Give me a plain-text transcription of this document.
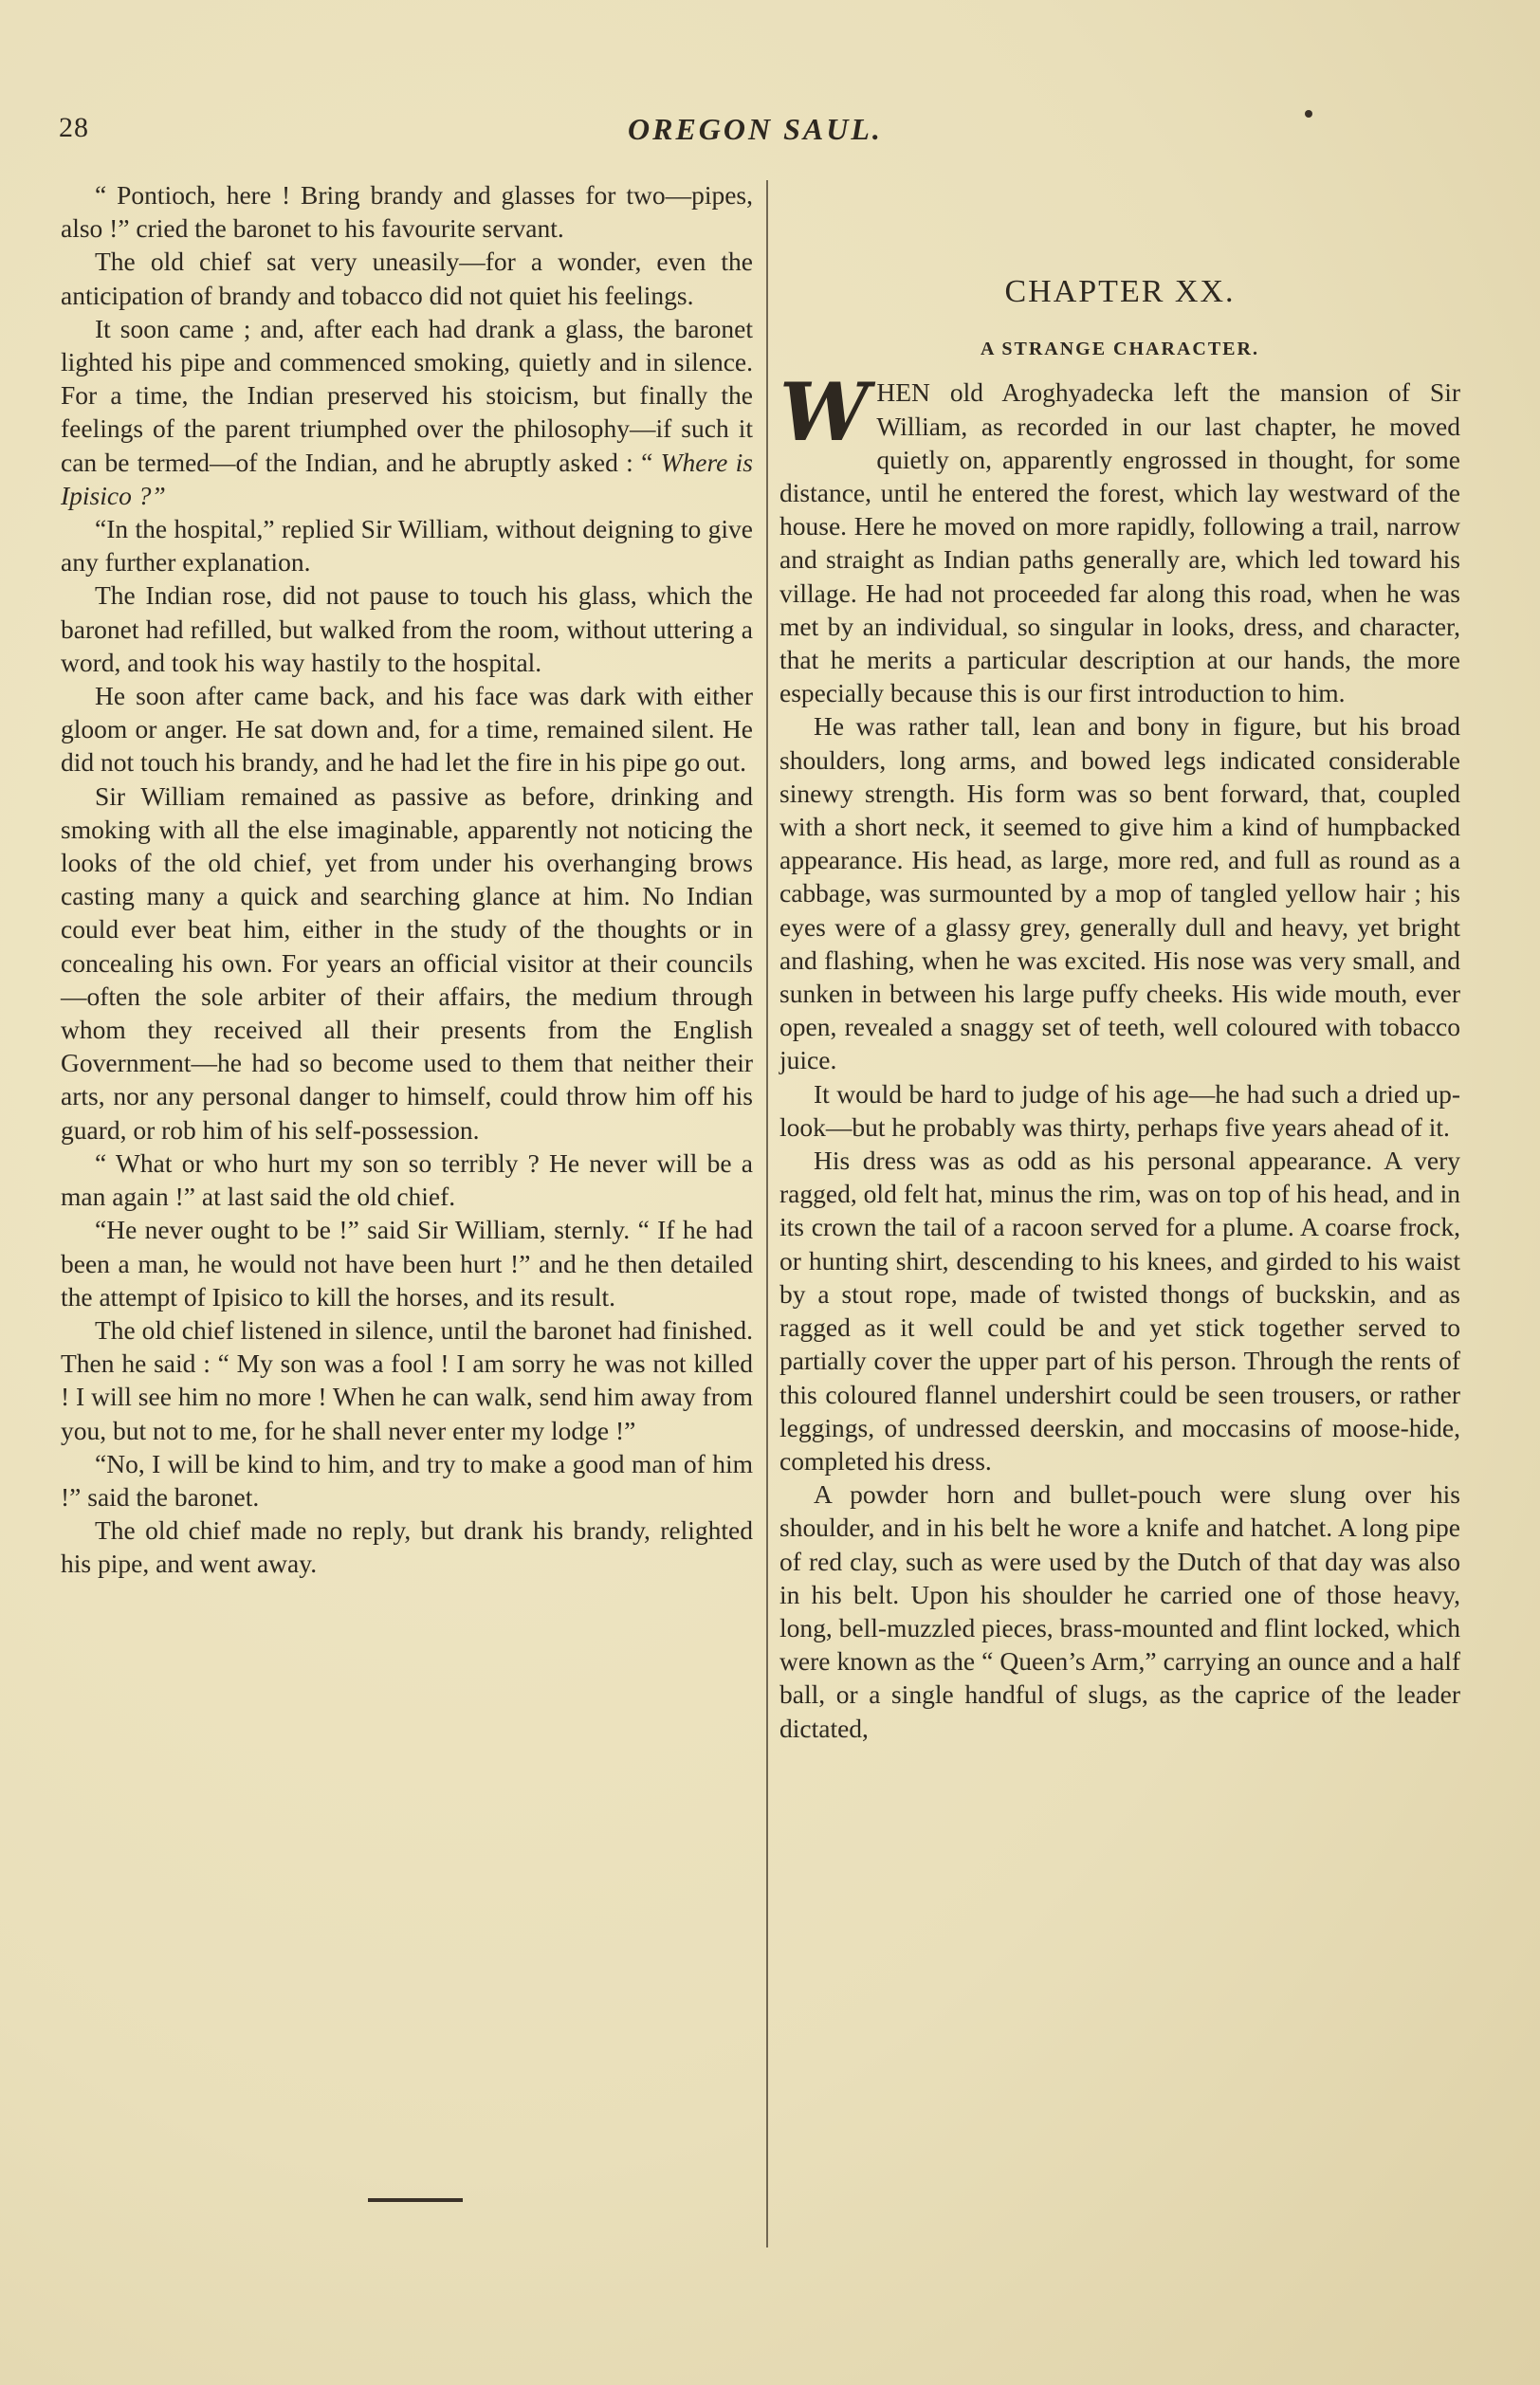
28	OREGON SAUL.

“ Pontioch, here ! Bring brandy and glasses for two—pipes, also !” cried the baronet to his favourite servant.

The old chief sat very uneasily—for a wonder, even the anticipation of brandy and tobacco did not quiet his feelings.

It soon came ; and, after each had drank a glass, the baronet lighted his pipe and commenced smoking, quietly and in silence. For a time, the Indian preserved his stoicism, but finally the feelings of the parent triumphed over the philosophy—if such it can be termed—of the Indian, and he abruptly asked : “ Where is Ipisico ?”

“In the hospital,” replied Sir William, without deigning to give any further explanation.

The Indian rose, did not pause to touch his glass, which the baronet had refilled, but walked from the room, without uttering a word, and took his way hastily to the hospital.

He soon after came back, and his face was dark with either gloom or anger. He sat down and, for a time, remained silent. He did not touch his brandy, and he had let the fire in his pipe go out.

Sir William remained as passive as before, drinking and smoking with all the else imaginable, apparently not noticing the looks of the old chief, yet from under his overhanging brows casting many a quick and searching glance at him. No Indian could ever beat him, either in the study of the thoughts or in concealing his own. For years an official visitor at their councils—often the sole arbiter of their affairs, the medium through whom they received all their presents from the English Government—he had so become used to them that neither their arts, nor any personal danger to himself, could throw him off his guard, or rob him of his self-possession.

“ What or who hurt my son so terribly ? He never will be a man again !” at last said the old chief.

“He never ought to be !” said Sir William, sternly. “ If he had been a man, he would not have been hurt !” and he then detailed the attempt of Ipisico to kill the horses, and its result.

The old chief listened in silence, until the baronet had finished. Then he said : “ My son was a fool ! I am sorry he was not killed ! I will see him no more ! When he can walk, send him away from you, but not to me, for he shall never enter my lodge !”

“No, I will be kind to him, and try to make a good man of him !” said the baronet.

The old chief made no reply, but drank his brandy, relighted his pipe, and went away.

CHAPTER XX.
A STRANGE CHARACTER.

WHEN old Aroghyadecka left the mansion of Sir William, as recorded in our last chapter, he moved quietly on, apparently engrossed in thought, for some distance, until he entered the forest, which lay westward of the house. Here he moved on more rapidly, following a trail, narrow and straight as Indian paths generally are, which led toward his village. He had not proceeded far along this road, when he was met by an individual, so singular in looks, dress, and character, that he merits a particular description at our hands, the more especially because this is our first introduction to him.

He was rather tall, lean and bony in figure, but his broad shoulders, long arms, and bowed legs indicated considerable sinewy strength. His form was so bent forward, that, coupled with a short neck, it seemed to give him a kind of humpbacked appearance. His head, as large, more red, and full as round as a cabbage, was surmounted by a mop of tangled yellow hair ; his eyes were of a glassy grey, generally dull and heavy, yet bright and flashing, when he was excited. His nose was very small, and sunken in between his large puffy cheeks. His wide mouth, ever open, revealed a snaggy set of teeth, well coloured with tobacco juice.

It would be hard to judge of his age—he had such a dried up-look—but he probably was thirty, perhaps five years ahead of it.

His dress was as odd as his personal appearance. A very ragged, old felt hat, minus the rim, was on top of his head, and in its crown the tail of a racoon served for a plume. A coarse frock, or hunting shirt, descending to his knees, and girded to his waist by a stout rope, made of twisted thongs of buckskin, and as ragged as it well could be and yet stick together served to partially cover the upper part of his person. Through the rents of this coloured flannel undershirt could be seen trousers, or rather leggings, of undressed deerskin, and moccasins of moose-hide, completed his dress.

A powder horn and bullet-pouch were slung over his shoulder, and in his belt he wore a knife and hatchet. A long pipe of red clay, such as were used by the Dutch of that day was also in his belt. Upon his shoulder he carried one of those heavy, long, bell-muzzled pieces, brass-mounted and flint locked, which were known as the “ Queen’s Arm,” carrying an ounce and a half ball, or a single handful of slugs, as the caprice of the leader dictated,
